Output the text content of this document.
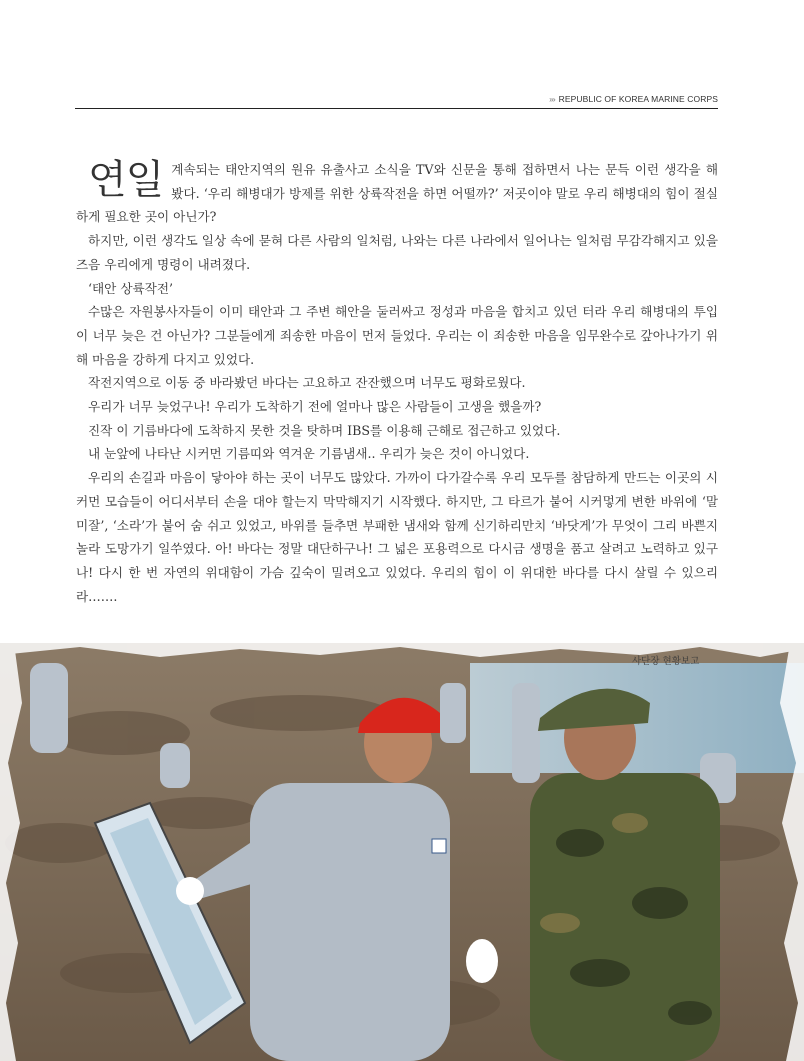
››› REPUBLIC OF KOREA MARINE CORPS

연일 계속되는 태안지역의 원유 유출사고 소식을 TV와 신문을 통해 접하면서 나는 문득 이런 생각을 해 봤다. ‘우리 해병대가 방제를 위한 상륙작전을 하면 어떨까?’ 저곳이야 말로 우리 해병대의 힘이 절실하게 필요한 곳이 아닌가?

하지만, 이런 생각도 일상 속에 묻혀 다른 사람의 일처럼, 나와는 다른 나라에서 일어나는 일처럼 무감각해지고 있을 즈음 우리에게 명령이 내려졌다.

‘태안 상륙작전’

수많은 자원봉사자들이 이미 태안과 그 주변 해안을 둘러싸고 정성과 마음을 합치고 있던 터라 우리 해병대의 투입이 너무 늦은 건 아닌가? 그분들에게 죄송한 마음이 먼저 들었다. 우리는 이 죄송한 마음을 임무완수로 갚아나가기 위해 마음을 강하게 다지고 있었다.

작전지역으로 이동 중 바라봤던 바다는 고요하고 잔잔했으며 너무도 평화로웠다.

우리가 너무 늦었구나! 우리가 도착하기 전에 얼마나 많은 사람들이 고생을 했을까?

진작 이 기름바다에 도착하지 못한 것을 탓하며 IBS를 이용해 근해로 접근하고 있었다.

내 눈앞에 나타난 시커먼 기름띠와 역겨운 기름냄새.. 우리가 늦은 것이 아니었다.

우리의 손길과 마음이 닿아야 하는 곳이 너무도 많았다. 가까이 다가갈수록 우리 모두를 참담하게 만드는 이곳의 시커먼 모습들이 어디서부터 손을 대야 할는지 막막해지기 시작했다. 하지만, 그 타르가 붙어 시커멓게 변한 바위에 ‘말미잘’, ‘소라’가 붙어 숨 쉬고 있었고, 바위를 들추면 부패한 냄새와 함께 신기하리만치 ‘바닷게’가 무엇이 그리 바쁜지 놀라 도망가기 일쑤였다. 아! 바다는 정말 대단하구나! 그 넓은 포용력으로 다시금 생명을 품고 살려고 노력하고 있구나! 다시 한 번 자연의 위대함이 가슴 깊숙이 밀려오고 있었다. 우리의 힘이 이 위대한 바다를 다시 살릴 수 있으리라…….

사단장 현황보고
